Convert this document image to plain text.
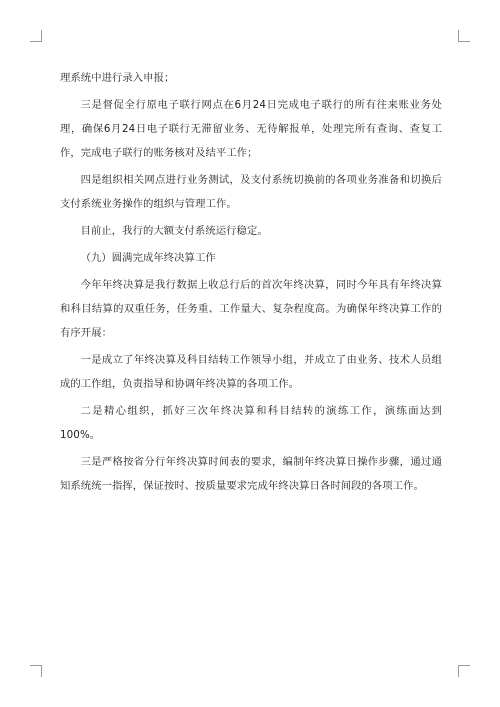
理系统中进行录入申报；

三是督促全行原电子联行网点在6月24日完成电子联行的所有往来账业务处理，确保6月24日电子联行无滞留业务、无待解报单，处理完所有查询、查复工作，完成电子联行的账务核对及结平工作；

四是组织相关网点进行业务测试，及支付系统切换前的各项业务准备和切换后支付系统业务操作的组织与管理工作。

目前止，我行的大额支付系统运行稳定。

（九）圆满完成年终决算工作

今年年终决算是我行数据上收总行后的首次年终决算，同时今年具有年终决算和科目结算的双重任务，任务重、工作量大、复杂程度高。为确保年终决算工作的有序开展：

一是成立了年终决算及科目结转工作领导小组，并成立了由业务、技术人员组成的工作组，负责指导和协调年终决算的各项工作。

二是精心组织，抓好三次年终决算和科目结转的演练工作，演练面达到100%。

三是严格按省分行年终决算时间表的要求，编制年终决算日操作步骤，通过通知系统统一指挥，保证按时、按质量要求完成年终决算日各时间段的各项工作。
